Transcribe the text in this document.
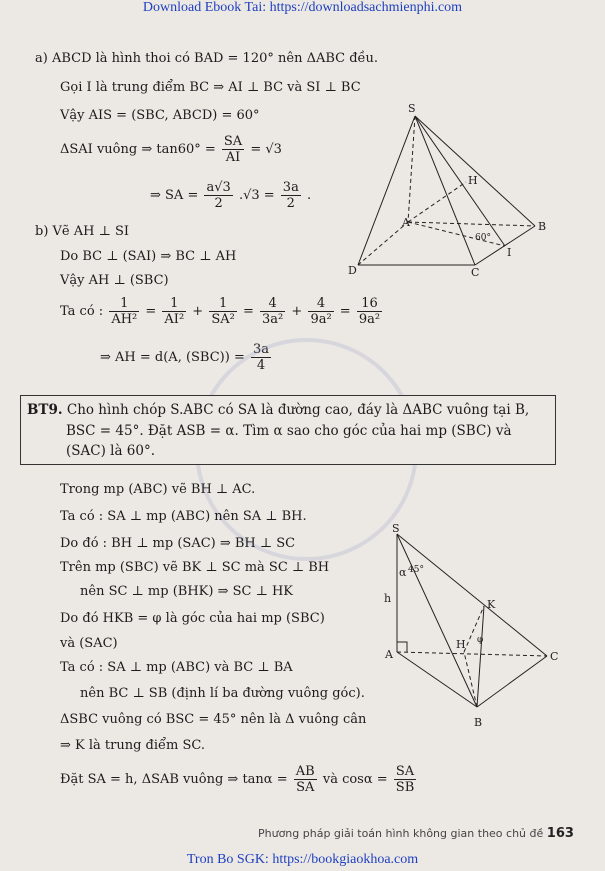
Download Ebook Tai: https://downloadsachmienphi.com
a) ABCD là hình thoi có BAD = 120° nên ΔABC đều.
Gọi I là trung điểm BC ⇒ AI ⊥ BC và SI ⊥ BC
Vậy AIS = (SBC, ABCD) = 60°
ΔSAI vuông ⇒ $\tan 60^\circ = \frac{SA}{AI} = √3$
⇒ SA = $\frac{a√3}{2} .√3 = \frac{3a}{2}$ .
b) Vẽ AH ⊥ SI
Do BC ⊥ (SAI) ⇒ BC ⊥ AH
Vậy AH ⊥ (SBC)
Ta có : $\frac{1}{\text{AH²}} = \frac{1}{\text{AI²}} + \frac{1}{\text{SA²}} = \frac{4}{\text{3a²}} + \frac{4}{\text{9a²}} = \frac{16}{\text{9a²}}$
⇒ AH = d(A, $(SBC)) = \frac{3a}{4}$
S
H
A	B
C
D
I
60°
BT9. Cho hình chóp S.ABC có SA là đường cao, đáy là ΔABC vuông tại B,
BSC = 45°. Đặt ASB = α. Tìm α sao cho góc của hai mp (SBC) và
(SAC) là 60°.
Trong mp (ABC) vẽ BH ⊥ AC.
Ta có : SA ⊥ mp (ABC) nên SA ⊥ BH.
Do đó : BH ⊥ mp (SAC) ⇒ BH ⊥ SC
Trên mp (SBC) vẽ BK ⊥ SC mà SC ⊥ BH
nên SC ⊥ mp (BHK) ⇒ SC ⊥ HK
Do đó HKB = φ là góc của hai mp (SBC)
và (SAC)
Ta có : SA ⊥ mp (ABC) và BC ⊥ BA
nên BC ⊥ SB (định lí ba đường vuông góc).
ΔSBC vuông có BSC = 45° nên là Δ vuông cân
⇒ K là trung điểm SC.
Đặt SA = h, ΔSAB vuông ⇒ $\tan\alpha = \frac{AB}{SA}$ và $\cos\alpha = \frac{SA}{SB}$
S
α 45°
h	K
A
H φ
C
B
Phương pháp giải toán hình không gian theo chủ đề 163
Tron Bo SGK: https://bookgiaokhoa.com
